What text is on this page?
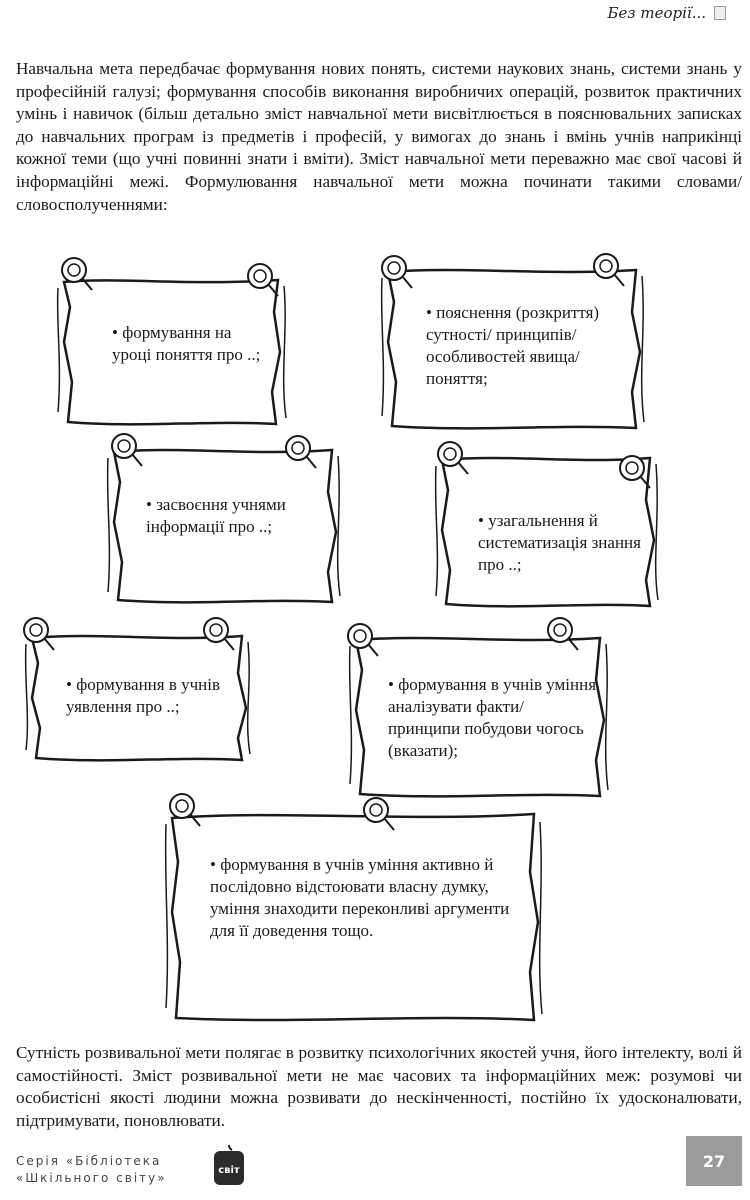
Без теорії...

Навчальна мета передбачає формування нових понять, системи наукових знань, системи знань у професійній галузі; формування способів виконання виробничих операцій, розвиток практичних умінь і навичок (більш детально зміст навчальної мети висвітлюється в пояснювальних записках до навчальних програм із предметів і професій, у вимогах до знань і вмінь учнів наприкінці кожної теми (що учні повинні знати і вміти). Зміст навчальної мети переважно має свої часові й інформаційні межі. Формулювання навчальної мети можна починати такими словами/словосполученнями:

• формування на уроці поняття про ..;
• пояснення (розкриття) сутності/ принципів/ особливостей явища/ поняття;
• засвоєння учнями інформації про ..;	• узагальнення й систематизація знання про ..;
• формування в учнів уявлення про ..;
• формування в учнів уміння аналізувати факти/ принципи побудови чогось (вказати);
• формування в учнів уміння активно й послідовно відстоювати власну думку, уміння знаходити переконливі аргументи для її доведення тощо.

Сутність розвивальної мети полягає в розвитку психологічних якостей учня, його інтелекту, волі й самостійності. Зміст розвивальної мети не має часових та інформаційних меж: розумові чи особистісні якості людини можна розвивати до нескінченності, постійно їх удосконалювати, підтримувати, поновлювати.

Серія «Бібліотека
«Шкільного світу»
світ	27
